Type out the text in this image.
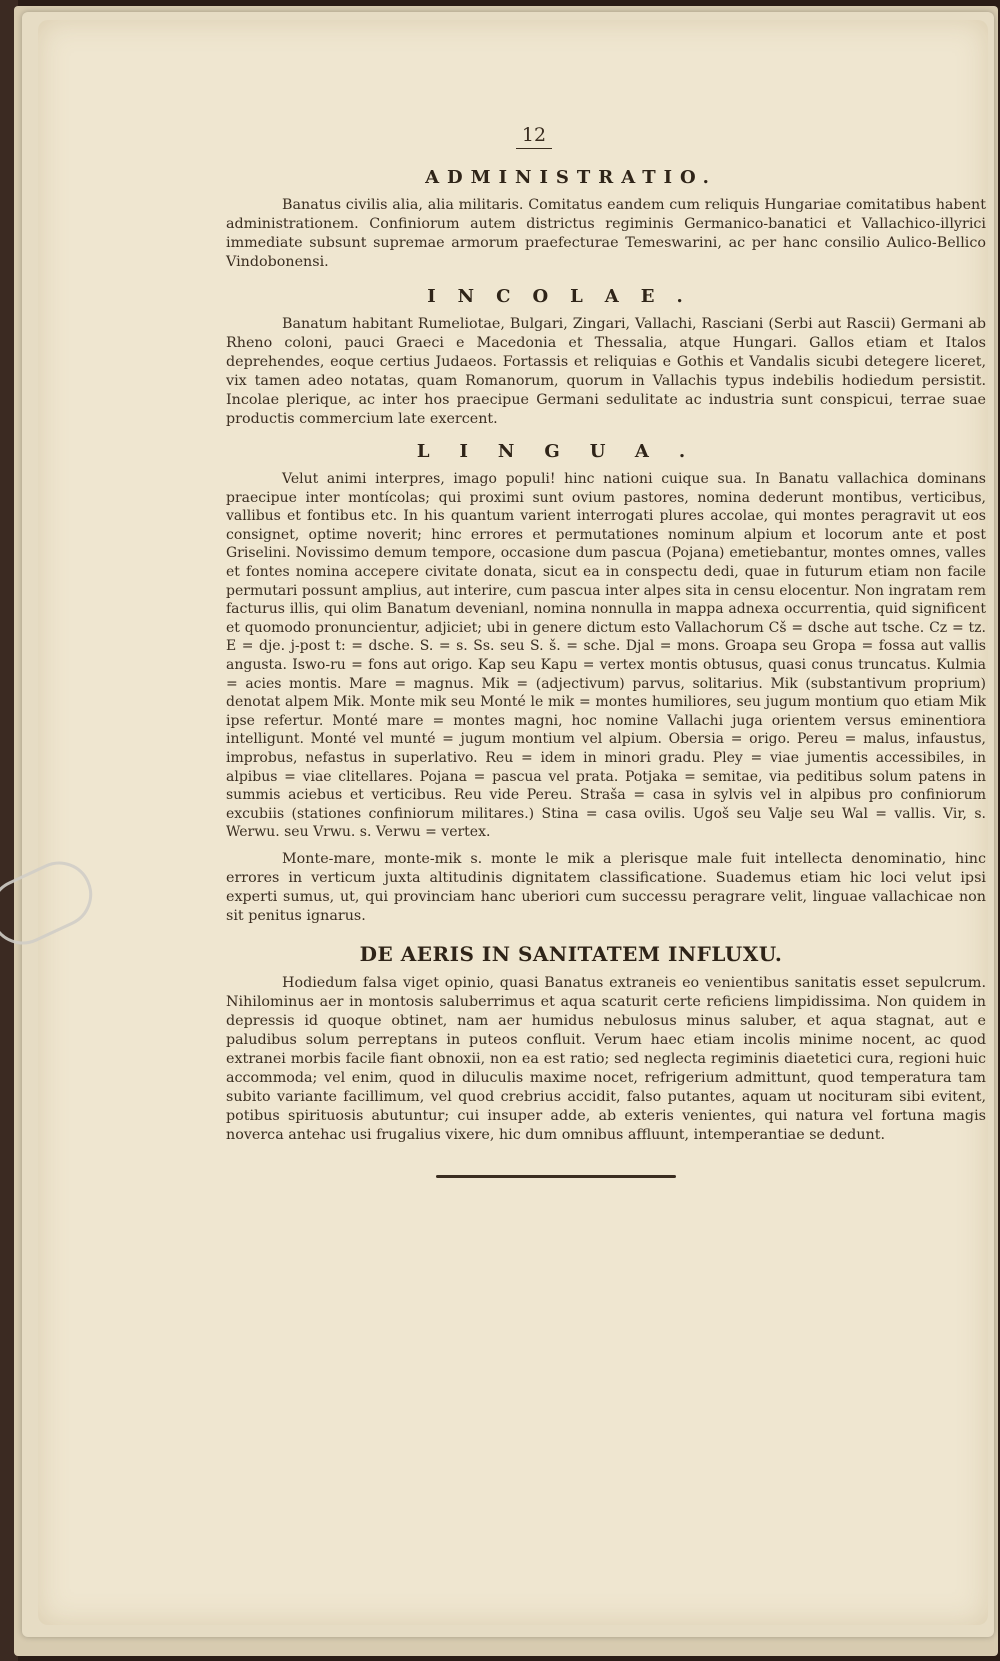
12
ADMINISTRATIO.

Banatus civilis alia, alia militaris. Comitatus eandem cum reliquis Hungariae comitatibus habent administrationem. Confiniorum autem districtus regiminis Germanico-banatici et Vallachico-illyrici immediate subsunt supremae armorum praefecturae Temeswarini, ac per hanc consilio Aulico-Bellico Vindobonensi.

INCOLAE.

Banatum habitant Rumeliotae, Bulgari, Zingari, Vallachi, Rasciani (Serbi aut Rascii) Germani ab Rheno coloni, pauci Graeci e Macedonia et Thessalia, atque Hungari. Gallos etiam et Italos deprehendes, eoque certius Judaeos. Fortassis et reliquias e Gothis et Vandalis sicubi detegere liceret, vix tamen adeo notatas, quam Romanorum, quorum in Vallachis typus indebilis hodiedum persistit. Incolae plerique, ac inter hos praecipue Germani sedulitate ac industria sunt conspicui, terrae suae productis commercium late exercent.

LINGUA.

Velut animi interpres, imago populi! hinc nationi cuique sua. In Banatu vallachica dominans praecipue inter montícolas; qui proximi sunt ovium pastores, nomina dederunt montibus, verticibus, vallibus et fontibus etc. In his quantum varient interrogati plures accolae, qui montes peragravit ut eos consignet, optime noverit; hinc errores et permutationes nominum alpium et locorum ante et post Griselini. Novissimo demum tempore, occasione dum pascua (Pojana) emetiebantur, montes omnes, valles et fontes nomina accepere civitate donata, sicut ea in conspectu dedi, quae in futurum etiam non facile permutari possunt amplius, aut interire, cum pascua inter alpes sita in censu elocentur. Non ingratam rem facturus illis, qui olim Banatum devenianl, nomina nonnulla in mappa adnexa occurrentia, quid significent et quomodo pronuncientur, adjiciet; ubi in genere dictum esto Vallachorum Cš = dsche aut tsche. Cz = tz. E = dje. j-post t: = dsche. S. = s. Ss. seu S. š. = sche. Djal = mons. Groapa seu Gropa = fossa aut vallis angusta. Iswo-ru = fons aut origo. Kap seu Kapu = vertex montis obtusus, quasi conus truncatus. Kulmia = acies montis. Mare = magnus. Mik = (adjectivum) parvus, solitarius. Mik (substantivum proprium) denotat alpem Mik. Monte mik seu Monté le mik = montes humiliores, seu jugum montium quo etiam Mik ipse refertur. Monté mare = montes magni, hoc nomine Vallachi juga orientem versus eminentiora intelligunt. Monté vel munté = jugum montium vel alpium. Obersia = origo. Pereu = malus, infaustus, improbus, nefastus in superlativo. Reu = idem in minori gradu. Pley = viae jumentis accessibiles, in alpibus = viae clitellares. Pojana = pascua vel prata. Potjaka = semitae, via peditibus solum patens in summis aciebus et verticibus. Reu vide Pereu. Straša = casa in sylvis vel in alpibus pro confiniorum excubiis (stationes confiniorum militares.) Stina = casa ovilis. Ugoš seu Valje seu Wal = vallis. Vir, s. Werwu. seu Vrwu. s. Verwu = vertex.

Monte-mare, monte-mik s. monte le mik a plerisque male fuit intellecta denominatio, hinc errores in verticum juxta altitudinis dignitatem classificatione. Suademus etiam hic loci velut ipsi experti sumus, ut, qui provinciam hanc uberiori cum successu peragrare velit, linguae vallachicae non sit penitus ignarus.

DE AERIS IN SANITATEM INFLUXU.

Hodiedum falsa viget opinio, quasi Banatus extraneis eo venientibus sanitatis esset sepulcrum. Nihilominus aer in montosis saluberrimus et aqua scaturit certe reficiens limpidissima. Non quidem in depressis id quoque obtinet, nam aer humidus nebulosus minus saluber, et aqua stagnat, aut e paludibus solum perreptans in puteos confluit. Verum haec etiam incolis minime nocent, ac quod extranei morbis facile fiant obnoxii, non ea est ratio; sed neglecta regiminis diaetetici cura, regioni huic accommoda; vel enim, quod in diluculis maxime nocet, refrigerium admittunt, quod temperatura tam subito variante facillimum, vel quod crebrius accidit, falso putantes, aquam ut nocituram sibi evitent, potibus spirituosis abutuntur; cui insuper adde, ab exteris venientes, qui natura vel fortuna magis noverca antehac usi frugalius vixere, hic dum omnibus affluunt, intemperantiae se dedunt.
